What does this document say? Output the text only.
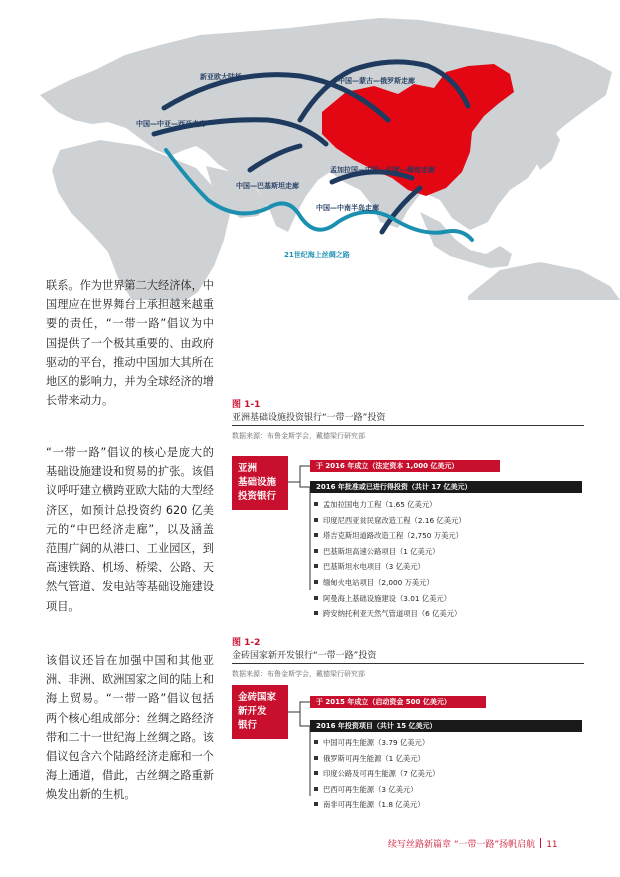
新亚欧大陆桥	中国—蒙古—俄罗斯走廊
中国—中亚—西亚走廊
孟加拉国—中国—印度—缅甸走廊
中国—巴基斯坦走廊
中国—中南半岛走廊
21世纪海上丝绸之路

联系。作为世界第二大经济体，中国理应在世界舞台上承担越来越重要的责任，“一带一路”倡议为中国提供了一个极其重要的、由政府驱动的平台，推动中国加大其所在地区的影响力，并为全球经济的增长带来动力。

“一带一路”倡议的核心是庞大的基础设施建设和贸易的扩张。该倡议呼吁建立横跨亚欧大陆的大型经济区，如预计总投资约 620 亿美元的“中巴经济走廊”，以及涵盖范围广阔的从港口、工业园区，到高速铁路、机场、桥梁、公路、天然气管道、发电站等基础设施建设项目。

该倡议还旨在加强中国和其他亚洲、非洲、欧洲国家之间的陆上和海上贸易。“一带一路”倡议包括两个核心组成部分：丝绸之路经济带和二十一世纪海上丝绸之路。该倡议包含六个陆路经济走廊和一个海上通道，借此，古丝绸之路重新焕发出新的生机。

图 1-1
亚洲基础设施投资银行“一带一路”投资
数据来源：布鲁金斯学会，戴德梁行研究部
亚洲
基础设施
投资银行
于 2016 年成立（法定资本 1,000 亿美元）
2016 年批准或已进行得投资（共计 17 亿美元）
孟加拉国电力工程（1.65 亿美元）
印度尼西亚贫民窟改造工程（2.16 亿美元）
塔吉克斯坦道路改造工程（2,750 万美元）
巴基斯坦高速公路项目（1 亿美元）
巴基斯坦水电项目（3 亿美元）
缅甸火电站项目（2,000 万美元）
阿曼海上基础设施建设（3.01 亿美元）
跨安纳托利亚天然气管道项目（6 亿美元）
图 1-2
金砖国家新开发银行“一带一路”投资
数据来源：布鲁金斯学会，戴德梁行研究部
金砖国家
新开发
银行
于 2015 年成立（启动资金 500 亿美元）
2016 年投资项目（共计 15 亿美元）
中国可再生能源（3.79 亿美元）
俄罗斯可再生能源（1 亿美元）
印度公路及可再生能源（7 亿美元）
巴西可再生能源（3 亿美元）
南非可再生能源（1.8 亿美元）
续写丝路新篇章 “一带一路”扬帆启航 11
